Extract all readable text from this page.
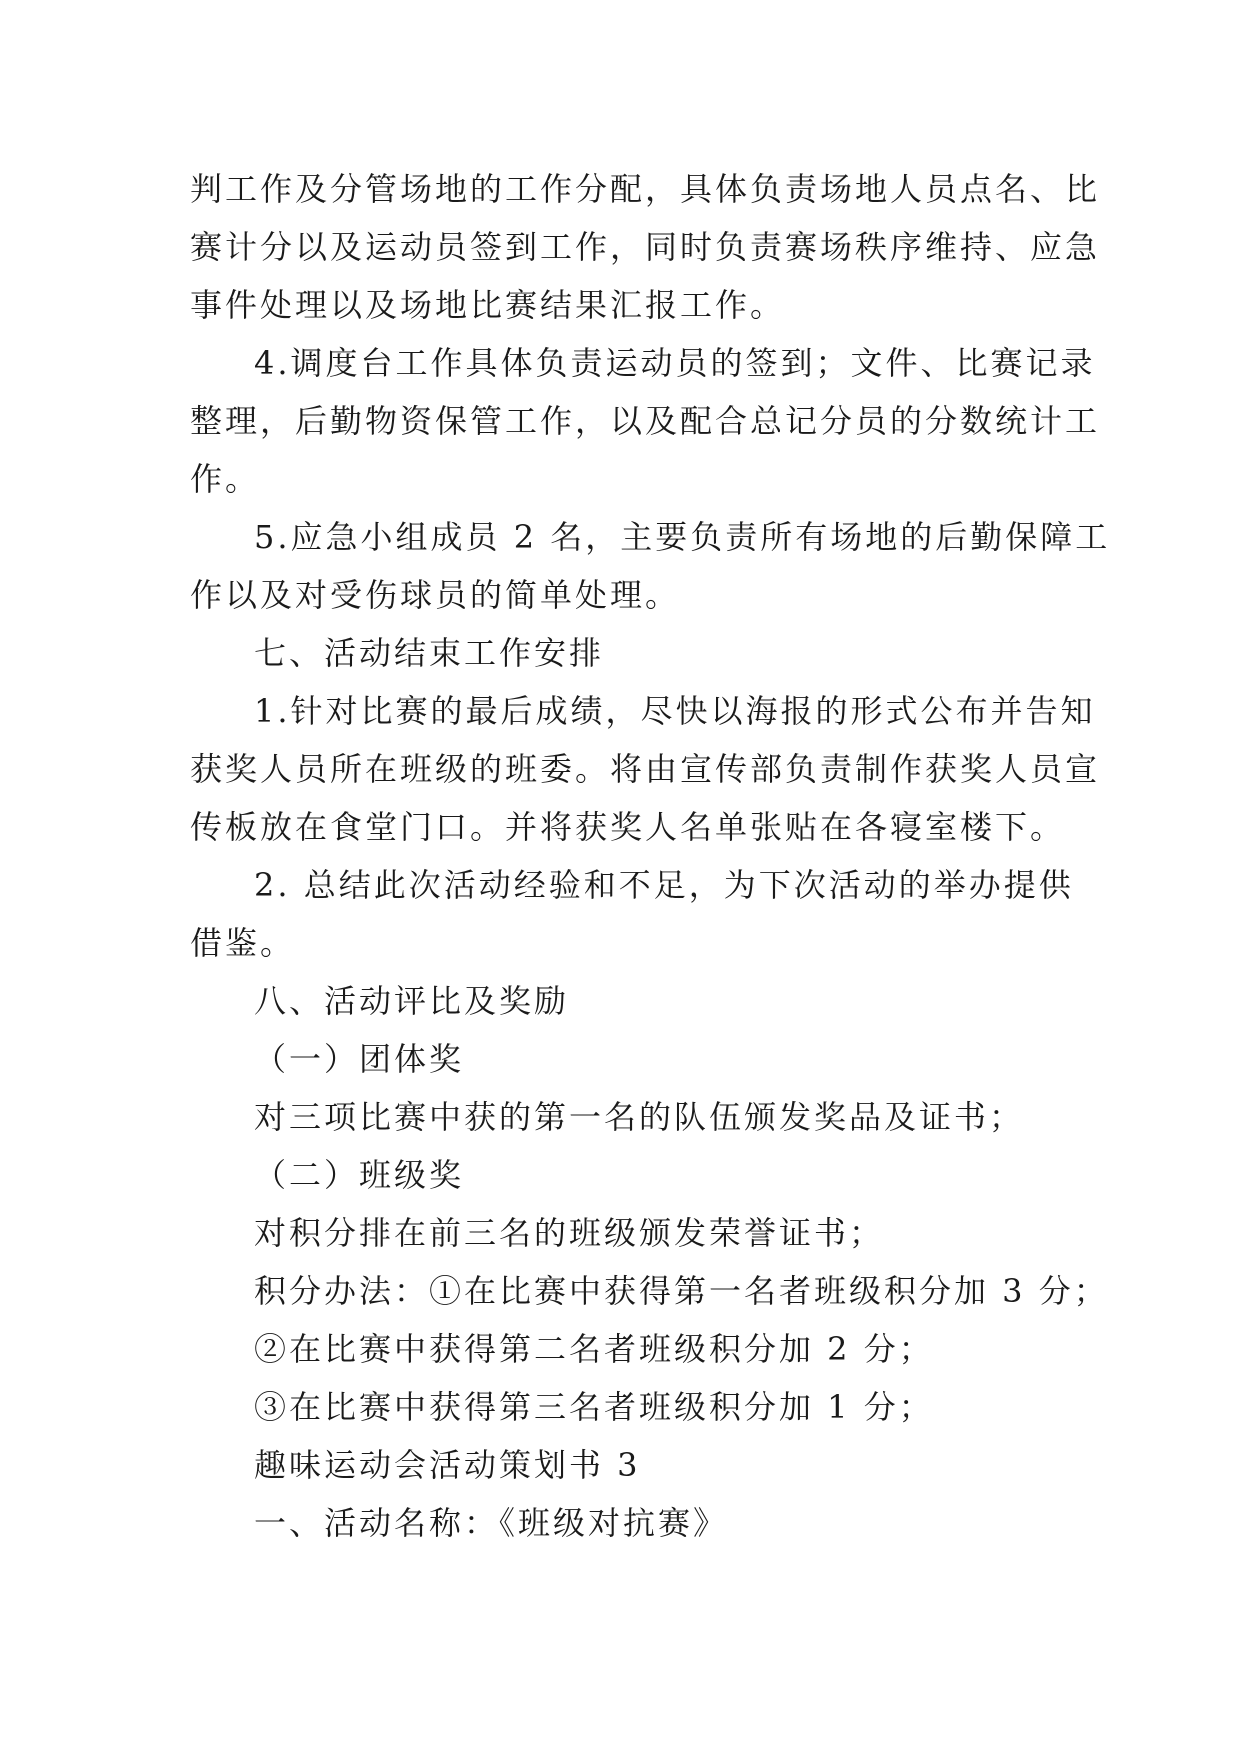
判工作及分管场地的工作分配，具体负责场地人员点名、比
赛计分以及运动员签到工作，同时负责赛场秩序维持、应急
事件处理以及场地比赛结果汇报工作。
4.调度台工作具体负责运动员的签到；文件、比赛记录
整理，后勤物资保管工作，以及配合总记分员的分数统计工
作。
5.应急小组成员 2 名，主要负责所有场地的后勤保障工
作以及对受伤球员的简单处理。
七、活动结束工作安排
1.针对比赛的最后成绩，尽快以海报的形式公布并告知
获奖人员所在班级的班委。将由宣传部负责制作获奖人员宣
传板放在食堂门口。并将获奖人名单张贴在各寝室楼下。
2. 总结此次活动经验和不足，为下次活动的举办提供
借鉴。
八、活动评比及奖励
（一）团体奖
对三项比赛中获的第一名的队伍颁发奖品及证书；
（二）班级奖
对积分排在前三名的班级颁发荣誉证书；
积分办法：①在比赛中获得第一名者班级积分加 3 分；
②在比赛中获得第二名者班级积分加 2 分；
③在比赛中获得第三名者班级积分加 1 分；
趣味运动会活动策划书 3
一、活动名称：《班级对抗赛》
